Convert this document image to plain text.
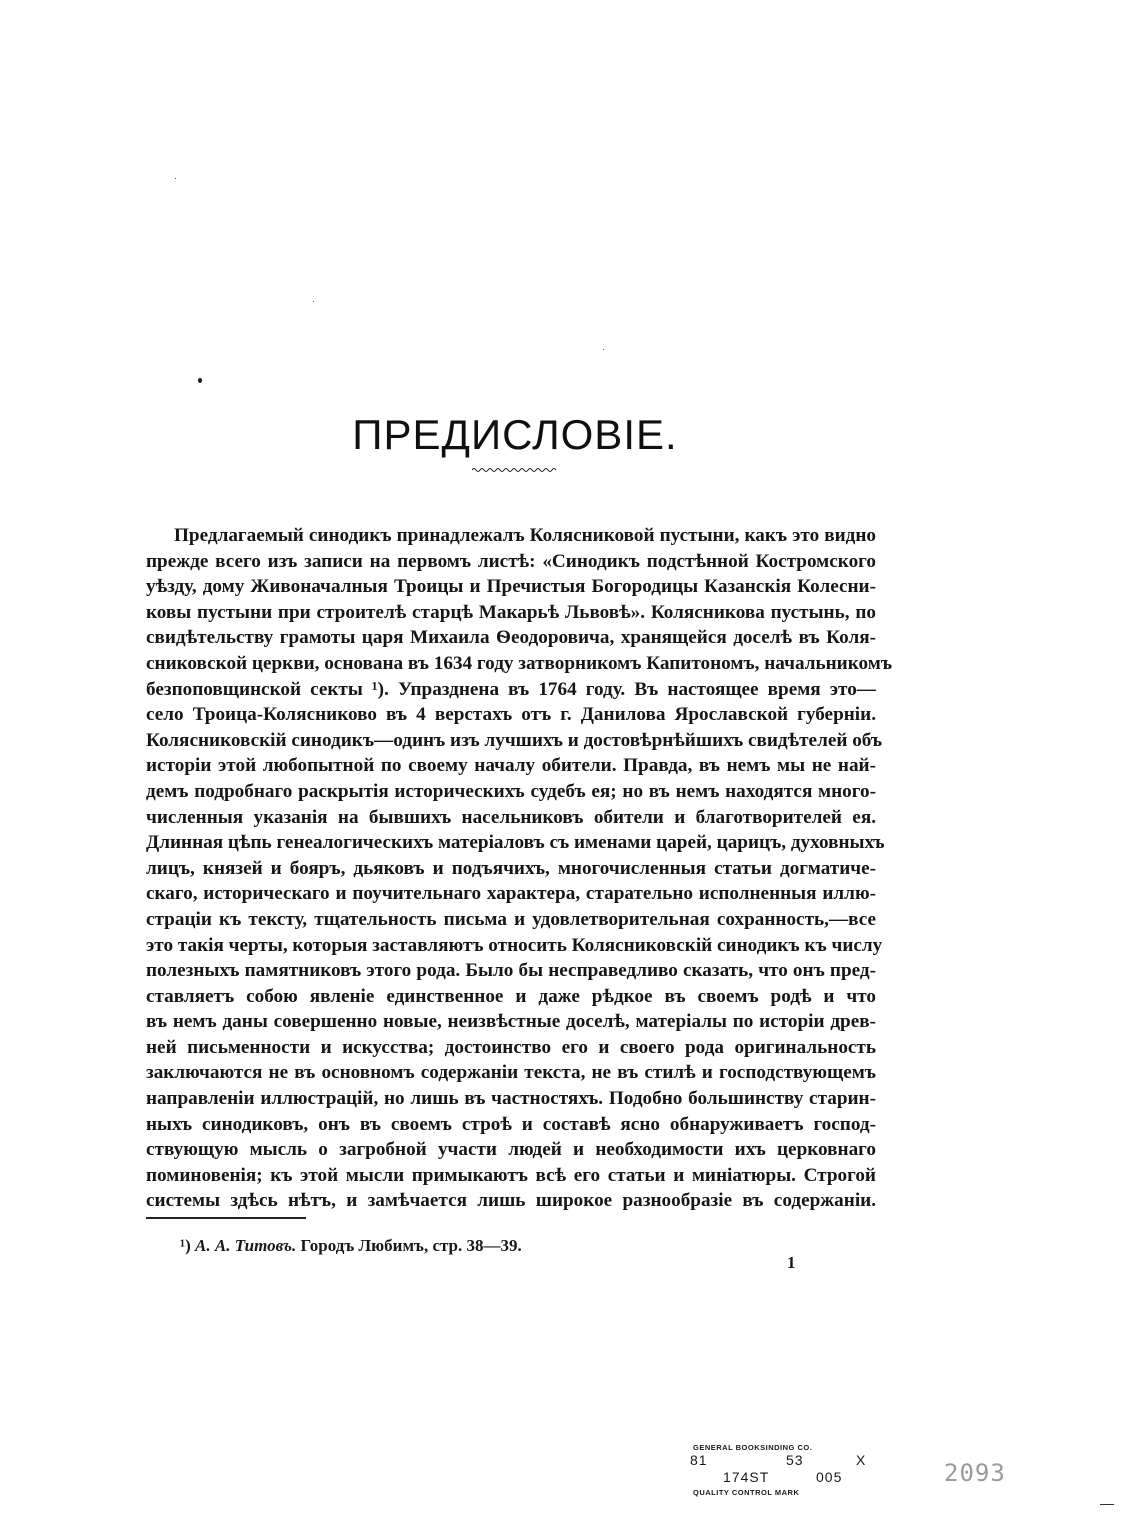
ПРЕДИСЛОВIЕ.
Предлагаемый синодикъ принадлежалъ Колясниковой пустыни, какъ это видно
прежде всего изъ записи на первомъ листѣ: «Синодикъ подстѣнной Костромского
уѣзду, дому Живоначалныя Троицы и Пречистыя Богородицы Казанскія Колесни-
ковы пустыни при строителѣ старцѣ Макарьѣ Львовѣ». Колясникова пустынь, по
свидѣтельству грамоты царя Михаила Ѳеодоровича, хранящейся доселѣ въ Коля-
сниковской церкви, основана въ 1634 году затворникомъ Капитономъ, начальникомъ
безпоповщинской секты ¹). Упразднена въ 1764 году. Въ настоящее время это—
село Троица-Колясниково въ 4 верстахъ отъ г. Данилова Ярославской губернiи.
Колясниковскiй синодикъ—одинъ изъ лучшихъ и достовѣрнѣйшихъ свидѣтелей объ
исторiи этой любопытной по своему началу обители. Правда, въ немъ мы не най-
демъ подробнаго раскрытiя историческихъ судебъ ея; но въ немъ находятся много-
численныя указанiя на бывшихъ насельниковъ обители и благотворителей ея.
Длинная цѣпь генеалогическихъ матерiаловъ съ именами царей, царицъ, духовныхъ
лицъ, князей и бояръ, дьяковъ и подъячихъ, многочисленныя статьи догматиче-
скаго, историческаго и поучительнаго характера, старательно исполненныя иллю-
страцiи къ тексту, тщательность письма и удовлетворительная сохранность,—все
это такiя черты, которыя заставляютъ относить Колясниковскiй синодикъ къ числу
полезныхъ памятниковъ этого рода. Было бы несправедливо сказать, что онъ пред-
ставляетъ собою явленiе единственное и даже рѣдкое въ своемъ родѣ и что
въ немъ даны совершенно новые, неизвѣстные доселѣ, матерiалы по исторiи древ-
ней письменности и искусства; достоинство его и своего рода оригинальность
заключаются не въ основномъ содержанiи текста, не въ стилѣ и господствующемъ
направленiи иллюстрацiй, но лишь въ частностяхъ. Подобно большинству старин-
ныхъ синодиковъ, онъ въ своемъ строѣ и составѣ ясно обнаруживаетъ господ-
ствующую мысль о загробной участи людей и необходимости ихъ церковнаго
поминовенiя; къ этой мысли примыкаютъ всѣ его статьи и миніатюры. Строгой
системы здѣсь нѣтъ, и замѣчается лишь широкое разнообразiе въ содержанiи.
¹) А. А. Титовъ. Городъ Любимъ, стр. 38—39.
1
GENERAL BOOKSINDING CO.
81	53	X
174ST	005
QUALITY CONTROL MARK
2093
